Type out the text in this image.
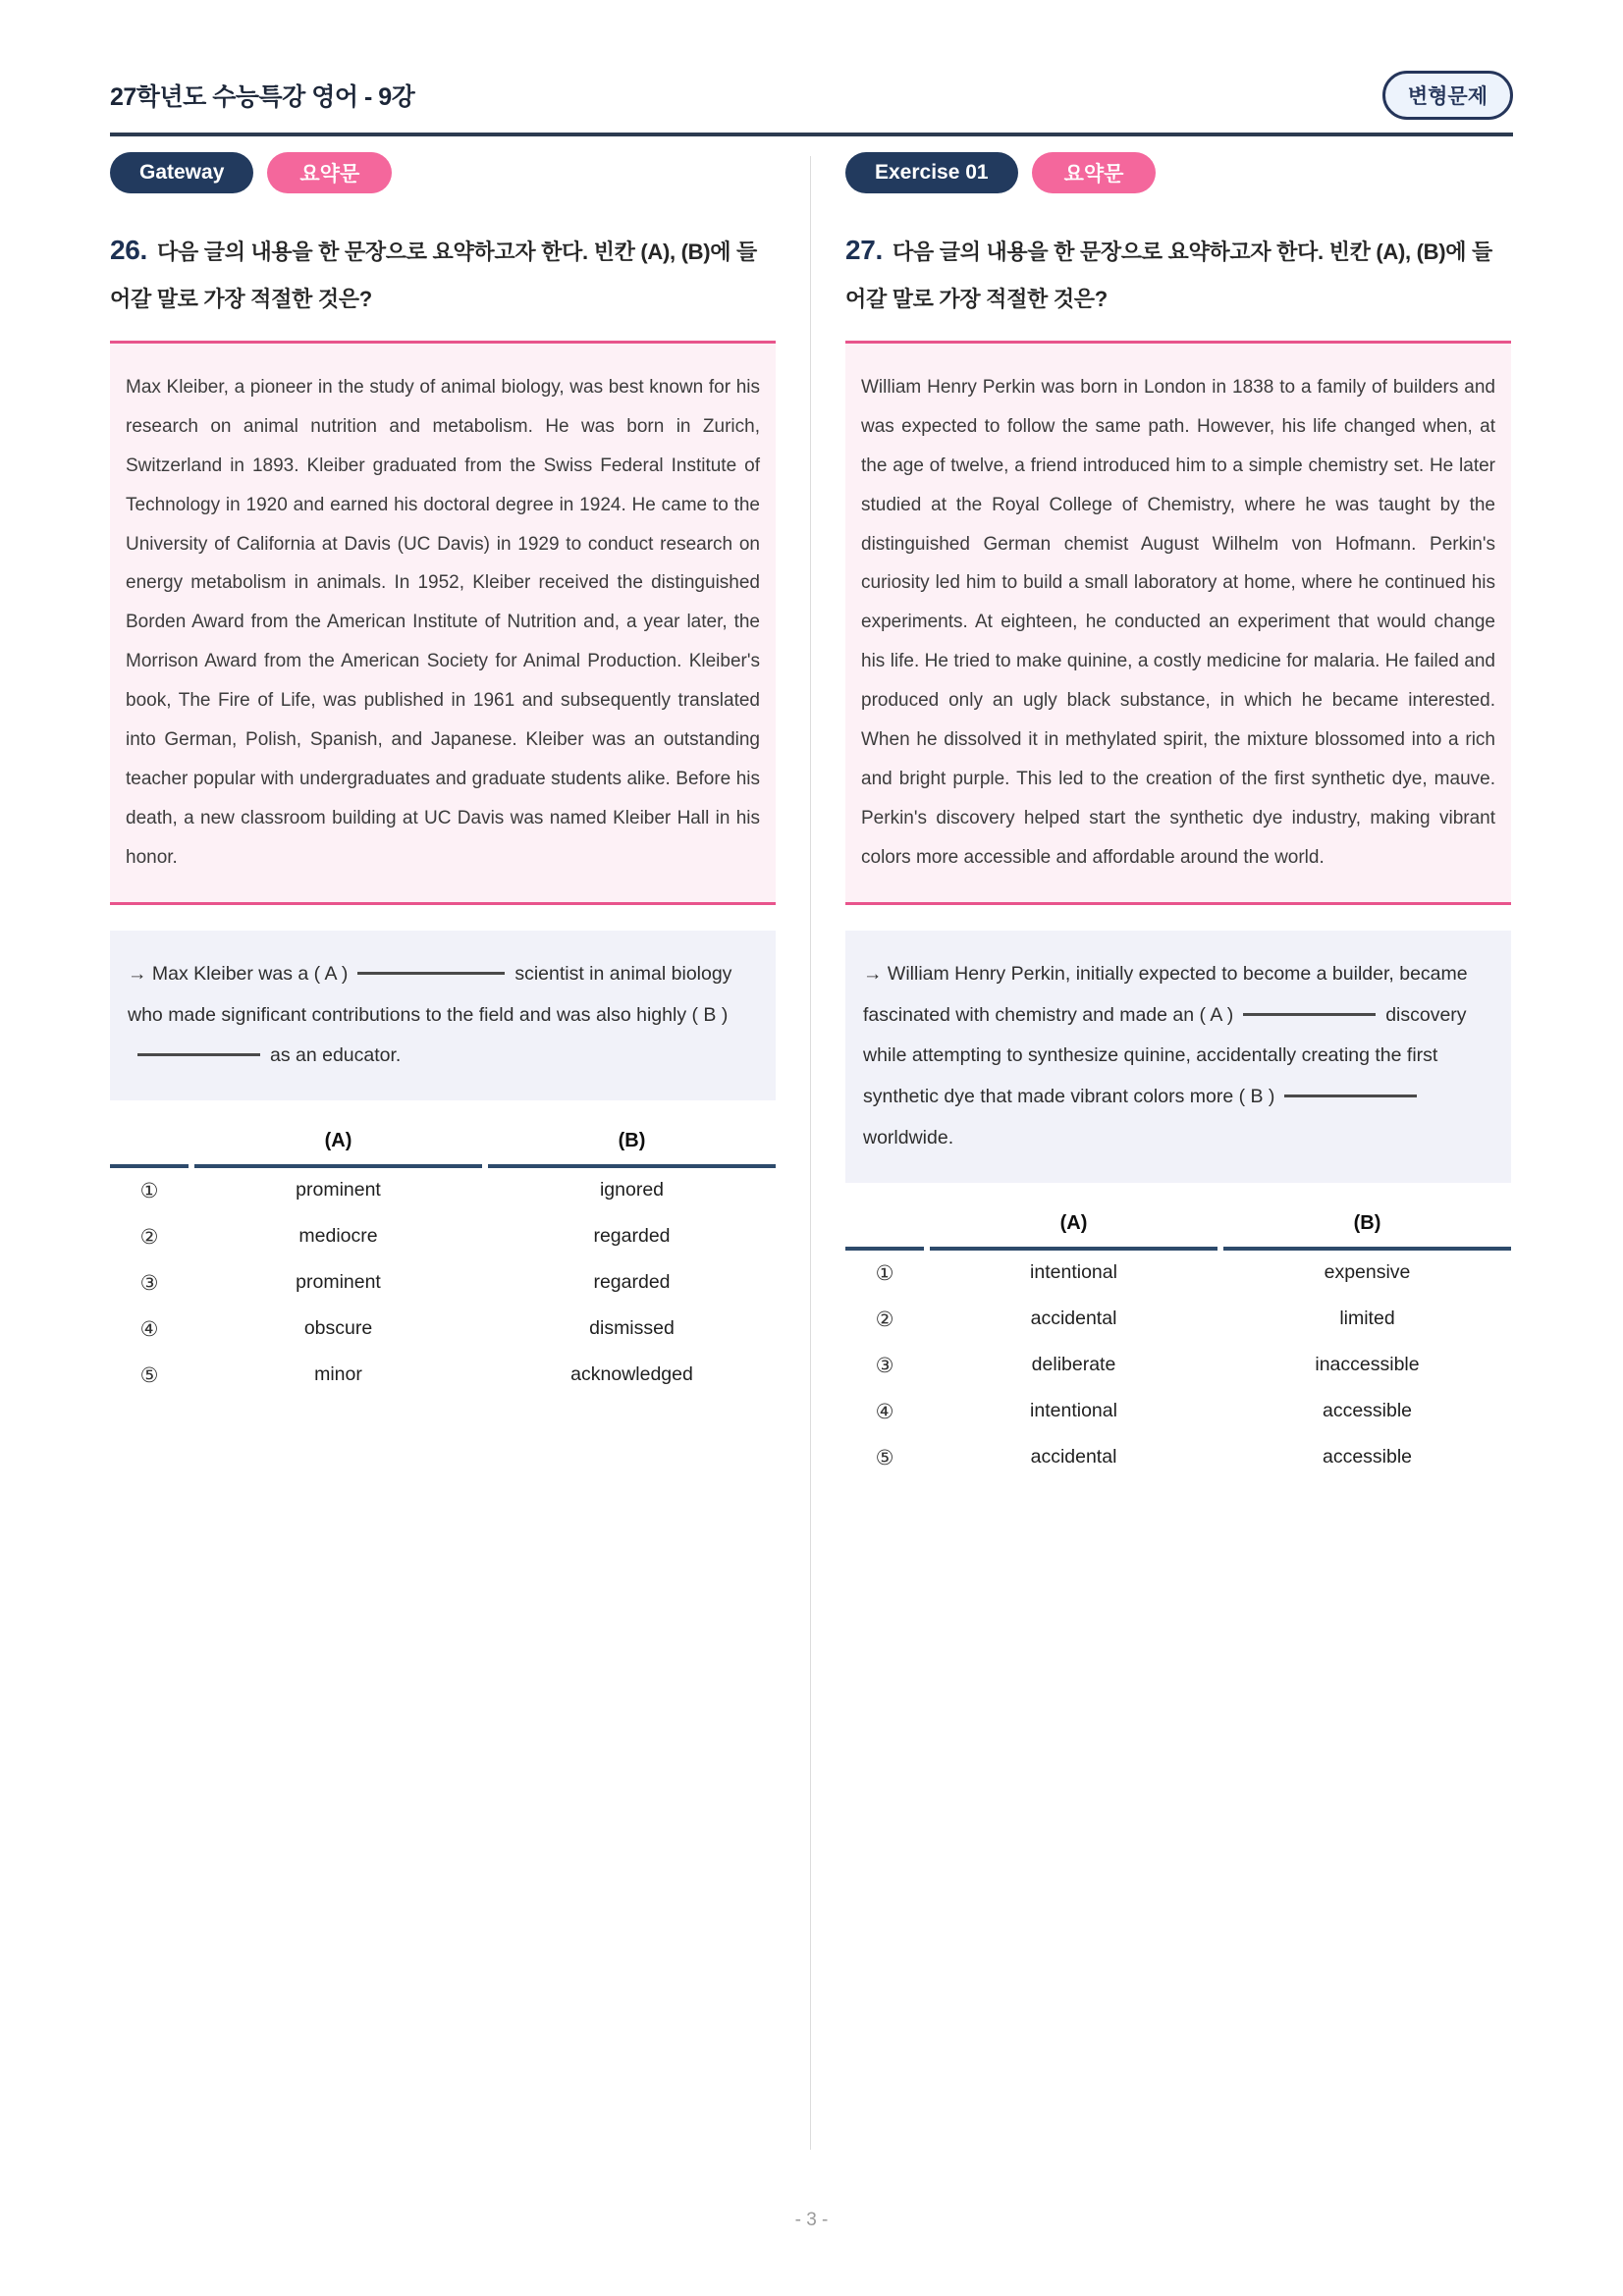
27학년도 수능특강 영어 - 9강	변형문제
Gateway	요약문

26. 다음 글의 내용을 한 문장으로 요약하고자 한다. 빈칸 (A), (B)에 들어갈 말로 가장 적절한 것은?

Max Kleiber, a pioneer in the study of animal biology, was best known for his research on animal nutrition and metabolism. He was born in Zurich, Switzerland in 1893. Kleiber graduated from the Swiss Federal Institute of Technology in 1920 and earned his doctoral degree in 1924. He came to the University of California at Davis (UC Davis) in 1929 to conduct research on energy metabolism in animals. In 1952, Kleiber received the distinguished Borden Award from the American Institute of Nutrition and, a year later, the Morrison Award from the American Society for Animal Production. Kleiber's book, The Fire of Life, was published in 1961 and subsequently translated into German, Polish, Spanish, and Japanese. Kleiber was an outstanding teacher popular with undergraduates and graduate students alike. Before his death, a new classroom building at UC Davis was named Kleiber Hall in his honor.
→ Max Kleiber was a ( A )	scientist in animal biology who made significant contributions to the field and was also highly ( B )as an educator.
(A)	(B)
①	prominent	ignored
②	mediocre	regarded
③	prominent	regarded
④	obscure	dismissed
⑤	minor	acknowledged
Exercise 01	요약문

27. 다음 글의 내용을 한 문장으로 요약하고자 한다. 빈칸 (A), (B)에 들어갈 말로 가장 적절한 것은?

William Henry Perkin was born in London in 1838 to a family of builders and was expected to follow the same path. However, his life changed when, at the age of twelve, a friend introduced him to a simple chemistry set. He later studied at the Royal College of Chemistry, where he was taught by the distinguished German chemist August Wilhelm von Hofmann. Perkin's curiosity led him to build a small laboratory at home, where he continued his experiments. At eighteen, he conducted an experiment that would change his life. He tried to make quinine, a costly medicine for malaria. He failed and produced only an ugly black substance, in which he became interested. When he dissolved it in methylated spirit, the mixture blossomed into a rich and bright purple. This led to the creation of the first synthetic dye, mauve. Perkin's discovery helped start the synthetic dye industry, making vibrant colors more accessible and affordable around the world.
→ William Henry Perkin, initially expected to become a builder, became fascinated with chemistry and made an ( A )	discovery while attempting to synthesize quinine, accidentally creating the first synthetic dye that made vibrant colors more ( B )worldwide.
(A)	(B)
①	intentional	expensive
②	accidental	limited
③	deliberate	inaccessible
④	intentional	accessible
⑤	accidental	accessible
- 3 -
